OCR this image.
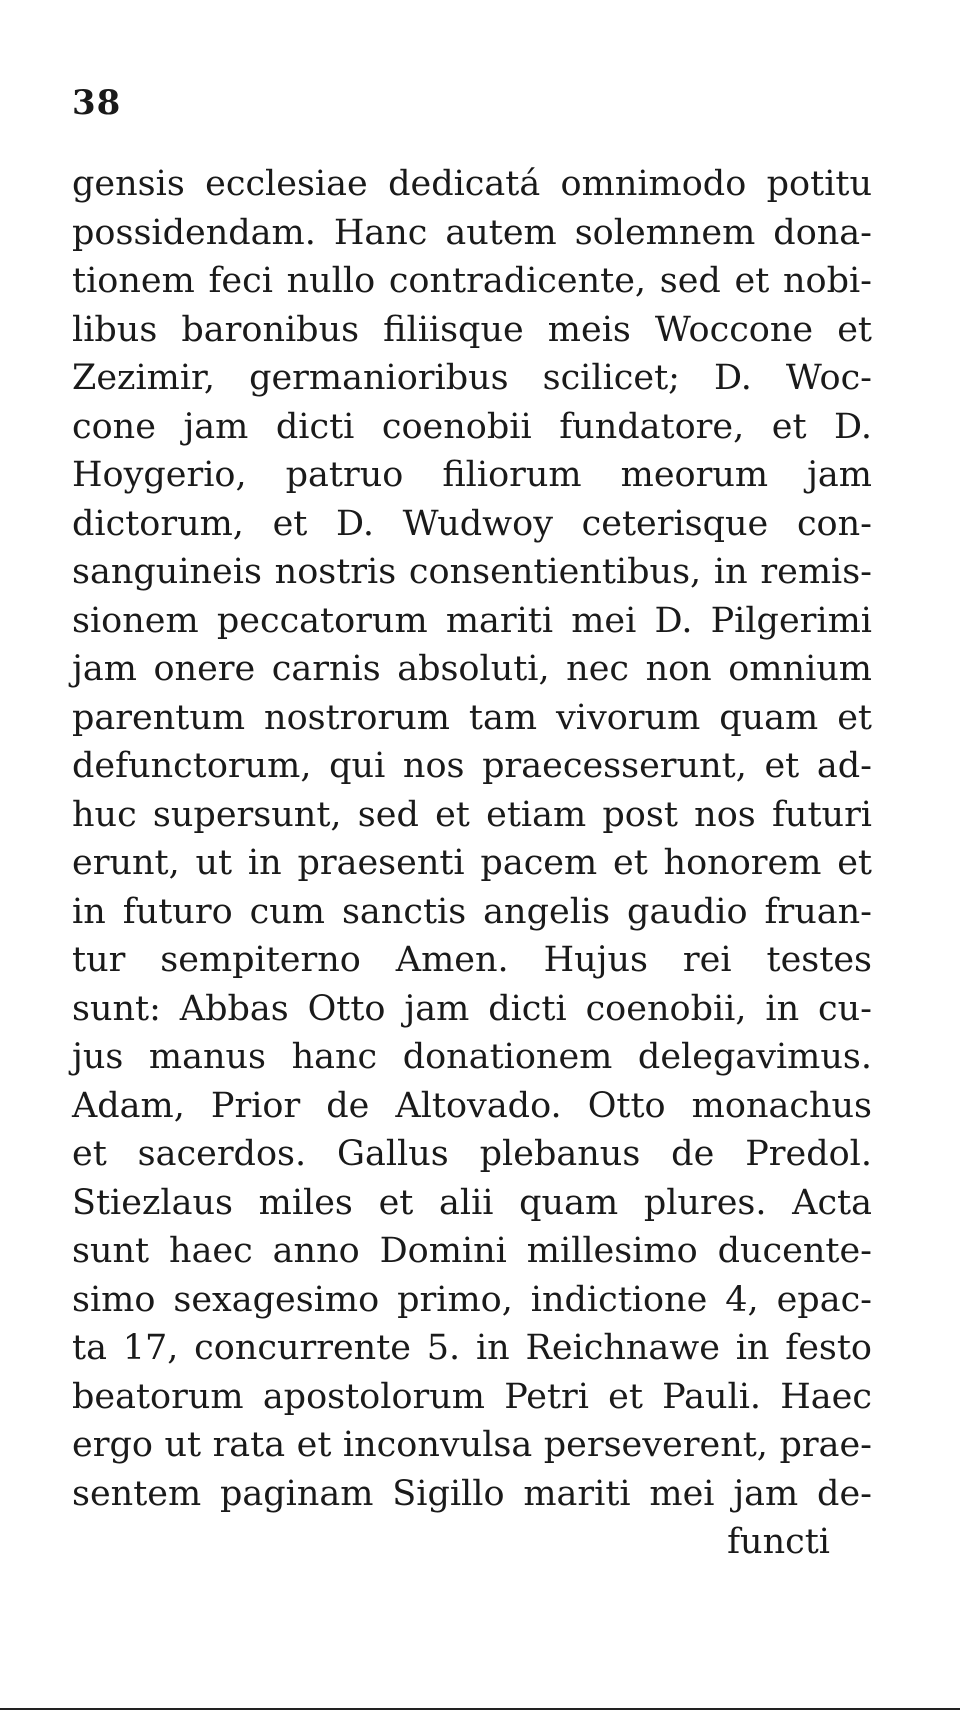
38
gensis ecclesiae dedicatá omnimodo potitu
possidendam. Hanc autem solemnem dona-
tionem feci nullo contradicente, sed et nobi-
libus baronibus filiisque meis Woccone et
Zezimir, germanioribus scilicet; D. Woc-
cone jam dicti coenobii fundatore, et D.
Hoygerio, patruo filiorum meorum jam
dictorum, et D. Wudwoy ceterisque con-
sanguineis nostris consentientibus, in remis-
sionem peccatorum mariti mei D. Pilgerimi
jam onere carnis absoluti, nec non omnium
parentum nostrorum tam vivorum quam et
defunctorum, qui nos praecesserunt, et ad-
huc supersunt, sed et etiam post nos futuri
erunt, ut in praesenti pacem et honorem et
in futuro cum sanctis angelis gaudio fruan-
tur sempiterno Amen. Hujus rei testes
sunt: Abbas Otto jam dicti coenobii, in cu-
jus manus hanc donationem delegavimus.
Adam, Prior de Altovado. Otto monachus
et sacerdos. Gallus plebanus de Predol.
Stiezlaus miles et alii quam plures. Acta
sunt haec anno Domini millesimo ducente-
simo sexagesimo primo, indictione 4, epac-
ta 17, concurrente 5. in Reichnawe in festo
beatorum apostolorum Petri et Pauli. Haec
ergo ut rata et inconvulsa perseverent, prae-
sentem paginam Sigillo mariti mei jam de-
functi
